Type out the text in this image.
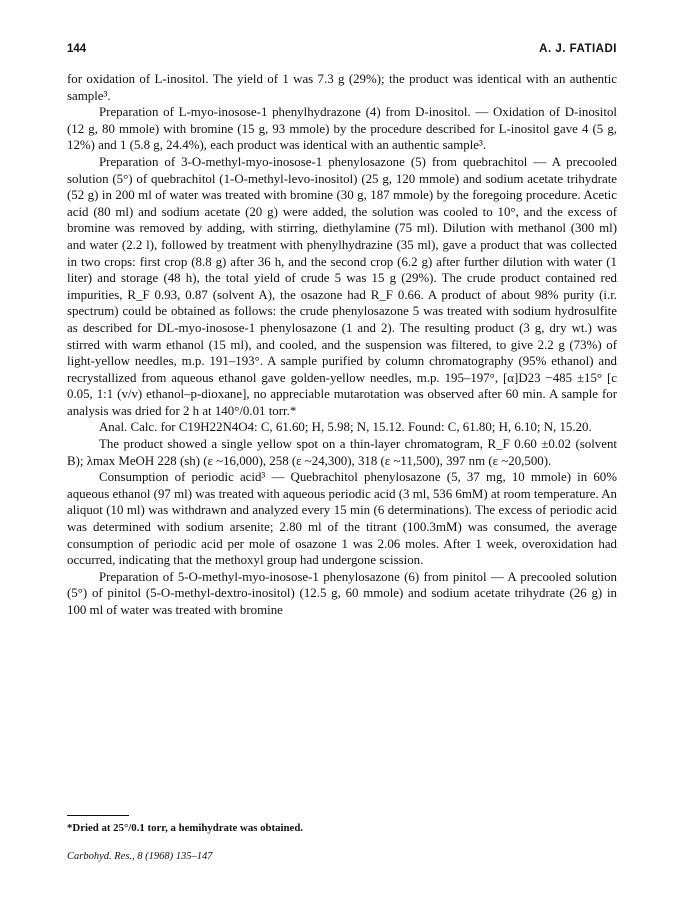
144	A. J. FATIADI

for oxidation of L-inositol. The yield of 1 was 7.3 g (29%); the product was identical with an authentic sample³.

Preparation of L-myo-inosose-1 phenylhydrazone (4) from D-inositol. — Oxidation of D-inositol (12 g, 80 mmole) with bromine (15 g, 93 mmole) by the procedure described for L-inositol gave 4 (5 g, 12%) and 1 (5.8 g, 24.4%), each product was identical with an authentic sample³.

Preparation of 3-O-methyl-myo-inosose-1 phenylosazone (5) from quebrachitol — A precooled solution (5°) of quebrachitol (1-O-methyl-levo-inositol) (25 g, 120 mmole) and sodium acetate trihydrate (52 g) in 200 ml of water was treated with bromine (30 g, 187 mmole) by the foregoing procedure. Acetic acid (80 ml) and sodium acetate (20 g) were added, the solution was cooled to 10°, and the excess of bromine was removed by adding, with stirring, diethylamine (75 ml). Dilution with methanol (300 ml) and water (2.2 l), followed by treatment with phenylhydrazine (35 ml), gave a product that was collected in two crops: first crop (8.8 g) after 36 h, and the second crop (6.2 g) after further dilution with water (1 liter) and storage (48 h), the total yield of crude 5 was 15 g (29%). The crude product contained red impurities, R_F 0.93, 0.87 (solvent A), the osazone had R_F 0.66. A product of about 98% purity (i.r. spectrum) could be obtained as follows: the crude phenylosazone 5 was treated with sodium hydrosulfite as described for DL-myo-inosose-1 phenylosazone (1 and 2). The resulting product (3 g, dry wt.) was stirred with warm ethanol (15 ml), and cooled, and the suspension was filtered, to give 2.2 g (73%) of light-yellow needles, m.p. 191–193°. A sample purified by column chromatography (95% ethanol) and recrystallized from aqueous ethanol gave golden-yellow needles, m.p. 195–197°, [α]D23 −485 ±15° [c 0.05, 1:1 (v/v) ethanol–p-dioxane], no appreciable mutarotation was observed after 60 min. A sample for analysis was dried for 2 h at 140°/0.01 torr.*

Anal. Calc. for C19H22N4O4: C, 61.60; H, 5.98; N, 15.12. Found: C, 61.80; H, 6.10; N, 15.20.

The product showed a single yellow spot on a thin-layer chromatogram, R_F 0.60 ±0.02 (solvent B); λmax MeOH 228 (sh) (ε ~16,000), 258 (ε ~24,300), 318 (ε ~11,500), 397 nm (ε ~20,500).

Consumption of periodic acid³ — Quebrachitol phenylosazone (5, 37 mg, 10 mmole) in 60% aqueous ethanol (97 ml) was treated with aqueous periodic acid (3 ml, 536 6mM) at room temperature. An aliquot (10 ml) was withdrawn and analyzed every 15 min (6 determinations). The excess of periodic acid was determined with sodium arsenite; 2.80 ml of the titrant (100.3mM) was consumed, the average consumption of periodic acid per mole of osazone 1 was 2.06 moles. After 1 week, overoxidation had occurred, indicating that the methoxyl group had undergone scission.

Preparation of 5-O-methyl-myo-inosose-1 phenylosazone (6) from pinitol — A precooled solution (5°) of pinitol (5-O-methyl-dextro-inositol) (12.5 g, 60 mmole) and sodium acetate trihydrate (26 g) in 100 ml of water was treated with bromine

*Dried at 25°/0.1 torr, a hemihydrate was obtained.
Carbohyd. Res., 8 (1968) 135–147
